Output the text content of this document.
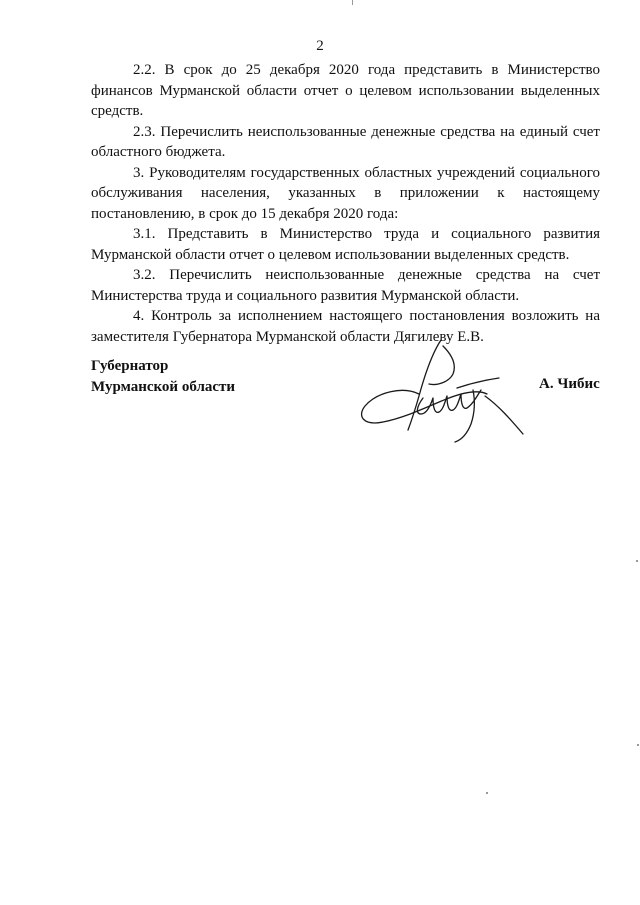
2

2.2. В срок до 25 декабря 2020 года представить в Министерство финансов Мурманской области отчет о целевом использовании выделенных средств.

2.3. Перечислить неиспользованные денежные средства на единый счет областного бюджета.

3. Руководителям государственных областных учреждений социального обслуживания населения, указанных в приложении к настоящему постановлению, в срок до 15 декабря 2020 года:

3.1. Представить в Министерство труда и социального развития Мурманской области отчет о целевом использовании выделенных средств.

3.2. Перечислить неиспользованные денежные средства на счет Министерства труда и социального развития Мурманской области.

4. Контроль за исполнением настоящего постановления возложить на заместителя Губернатора Мурманской области Дягилеву Е.В.

Губернатор
Мурманской области	А. Чибис
